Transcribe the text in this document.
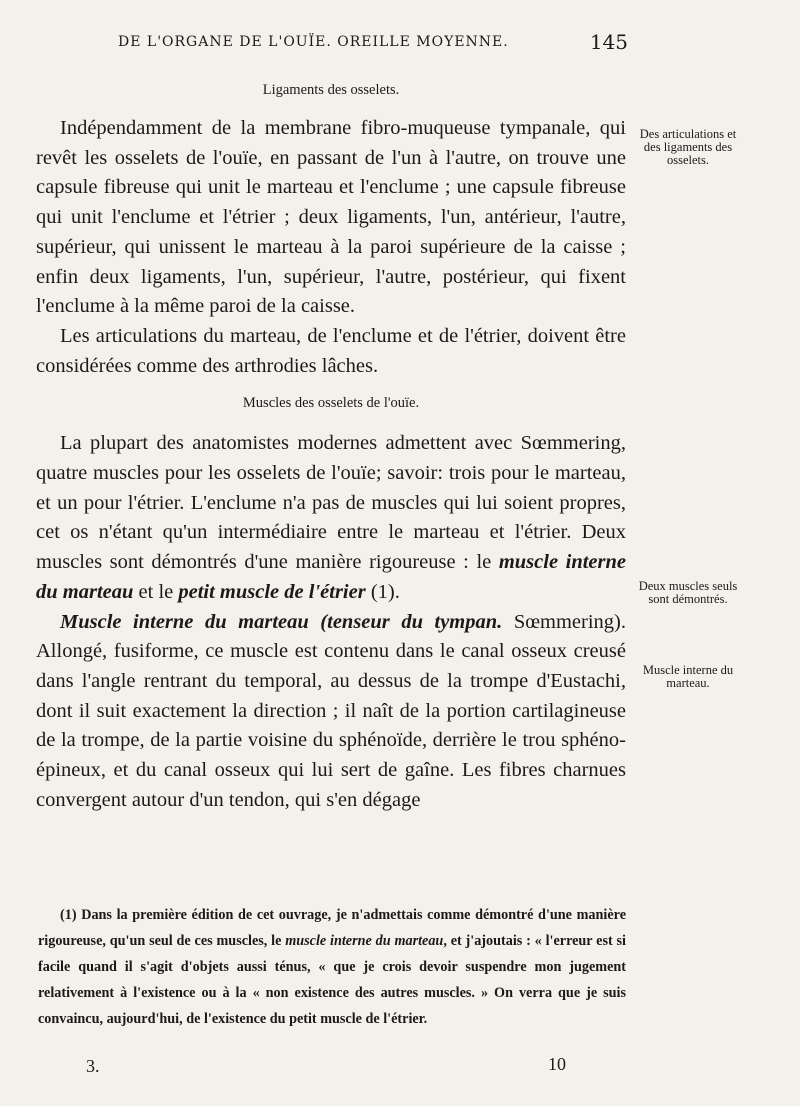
DE L'ORGANE DE L'OUÏE. OREILLE MOYENNE.	145
Ligaments des osselets.

Indépendamment de la membrane fibro-muqueuse tympanale, qui revêt les osselets de l'ouïe, en passant de l'un à l'autre, on trouve une capsule fibreuse qui unit le marteau et l'enclume ; une capsule fibreuse qui unit l'enclume et l'étrier ; deux ligaments, l'un, antérieur, l'autre, supérieur, qui unissent le marteau à la paroi supérieure de la caisse ; enfin deux ligaments, l'un, supérieur, l'autre, postérieur, qui fixent l'enclume à la même paroi de la caisse.

Les articulations du marteau, de l'enclume et de l'étrier, doivent être considérées comme des arthrodies lâches.

Muscles des osselets de l'ouïe.

La plupart des anatomistes modernes admettent avec Sœmmering, quatre muscles pour les osselets de l'ouïe; savoir: trois pour le marteau, et un pour l'étrier. L'enclume n'a pas de muscles qui lui soient propres, cet os n'étant qu'un intermédiaire entre le marteau et l'étrier. Deux muscles sont démontrés d'une manière rigoureuse : le muscle interne du marteau et le petit muscle de l'étrier (1).

Muscle interne du marteau (tenseur du tympan. Sœmmering). Allongé, fusiforme, ce muscle est contenu dans le canal osseux creusé dans l'angle rentrant du temporal, au dessus de la trompe d'Eustachi, dont il suit exactement la direction ; il naît de la portion cartilagineuse de la trompe, de la partie voisine du sphénoïde, derrière le trou sphéno-épineux, et du canal osseux qui lui sert de gaîne. Les fibres charnues convergent autour d'un tendon, qui s'en dégage

Des articulations et des ligaments des osselets.
Deux muscles seuls sont démontrés.
Muscle interne du marteau.

(1) Dans la première édition de cet ouvrage, je n'admettais comme démontré d'une manière rigoureuse, qu'un seul de ces muscles, le muscle interne du marteau, et j'ajoutais : « l'erreur est si facile quand il s'agit d'objets aussi ténus, « que je crois devoir suspendre mon jugement relativement à l'existence ou à la « non existence des autres muscles. » On verra que je suis convaincu, aujourd'hui, de l'existence du petit muscle de l'étrier.

3.	10
